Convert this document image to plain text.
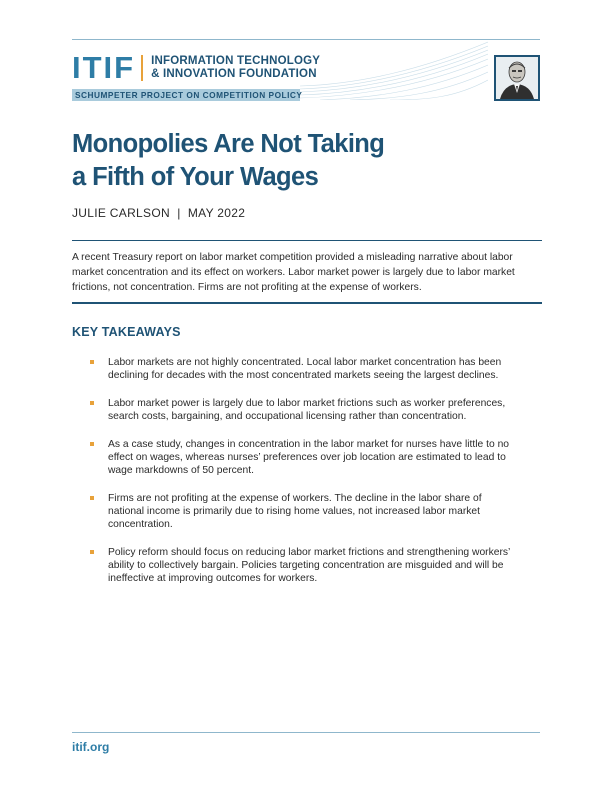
ITIF INFORMATION TECHNOLOGY
& INNOVATION FOUNDATION
SCHUMPETER PROJECT ON COMPETITION POLICY
Monopolies Are Not Taking
a Fifth of Your Wages
JULIE CARLSON  |  MAY 2022
A recent Treasury report on labor market competition provided a misleading narrative about labor
market concentration and its effect on workers. Labor market power is largely due to labor market
frictions, not concentration. Firms are not profiting at the expense of workers.
KEY TAKEAWAYS
Labor markets are not highly concentrated. Local labor market concentration has been
declining for decades with the most concentrated markets seeing the largest declines.
Labor market power is largely due to labor market frictions such as worker preferences,
search costs, bargaining, and occupational licensing rather than concentration.
As a case study, changes in concentration in the labor market for nurses have little to no
effect on wages, whereas nurses’ preferences over job location are estimated to lead to
wage markdowns of 50 percent.
Firms are not profiting at the expense of workers. The decline in the labor share of
national income is primarily due to rising home values, not increased labor market
concentration.
Policy reform should focus on reducing labor market frictions and strengthening workers’
ability to collectively bargain. Policies targeting concentration are misguided and will be
ineffective at improving outcomes for workers.
itif.org
